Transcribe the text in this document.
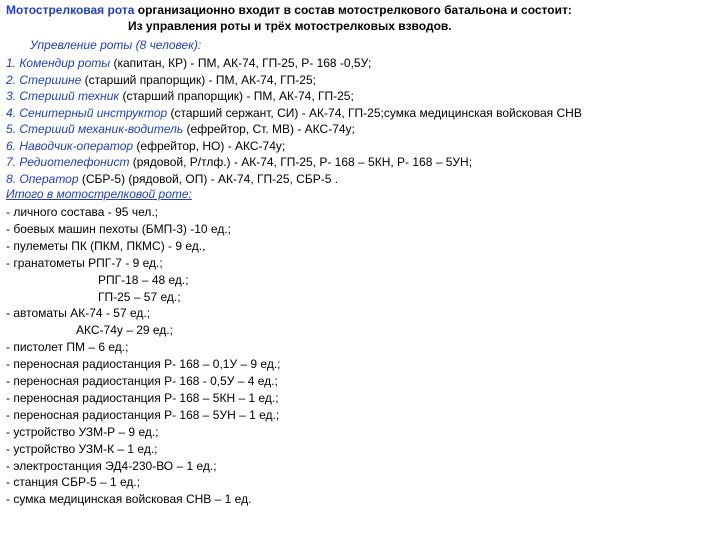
Мотострелковая рота организационно входит в состав мотострелкового батальона и состоит:
Из управления роты и трёх мотострелковых взводов.
Упревление роты (8 человек):
1. Комендир роты (капитан, КР) - ПМ, АК-74, ГП-25, Р- 168 -0,5У;
2. Стершине (старший прапорщик) - ПМ, АК-74, ГП-25;
3. Стерший техник (старший прапорщик) - ПМ, АК-74, ГП-25;
4. Сенитерный инструктор (старший сержант, СИ) - АК-74, ГП-25;сумка медицинская войсковая СНВ
5. Стерший механик-водитель (ефрейтор, Ст. МВ) - АКС-74у;
6. Наводчик-оператор (ефрейтор, НО) - АКС-74у;
7. Редиотелефонист (рядовой, Р/тлф.) - АК-74, ГП-25, Р- 168 – 5КН, Р- 168 – 5УН;
8. Оператор (СБР-5) (рядовой, ОП) - АК-74, ГП-25, СБР-5 .
Итого в мотострелковой роте:
- личного состава - 95 чел.;
- боевых машин пехоты (БМП-3) -10 ед.;
- пулеметы ПК (ПКМ, ПКМС) - 9 ед.,
- гранатометы РПГ-7 - 9 ед.;
РПГ-18 – 48 ед.;
ГП-25 – 57 ед.;
- автоматы АК-74 - 57 ед.;
АКС-74у – 29 ед.;
- пистолет ПМ – 6 ед.;
- переносная радиостанция Р- 168 – 0,1У – 9 ед.;
- переносная радиостанция Р- 168 - 0,5У – 4 ед.;
- переносная радиостанция Р- 168 – 5КН – 1 ед.;
- переносная радиостанция Р- 168 – 5УН – 1 ед.;
- устройство УЗМ-Р – 9 ед.;
- устройство УЗМ-К – 1 ед.;
- электростанция ЭД4-230-ВО – 1 ед.;
- станция СБР-5 – 1 ед.;
- сумка медицинская войсковая СНВ – 1 ед.
